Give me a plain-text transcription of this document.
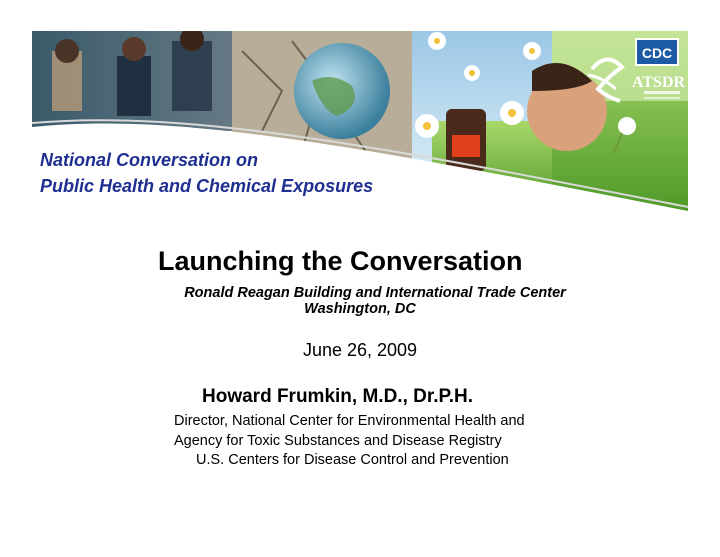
CDC
ATSDR
National Conversation on
Public Health and Chemical Exposures
Launching the Conversation
Ronald Reagan Building and International Trade Center
Washington, DC
June 26, 2009
Howard Frumkin, M.D., Dr.P.H.
Director, National Center for Environmental Health and
Agency for Toxic Substances and Disease Registry
U.S. Centers for Disease Control and Prevention
